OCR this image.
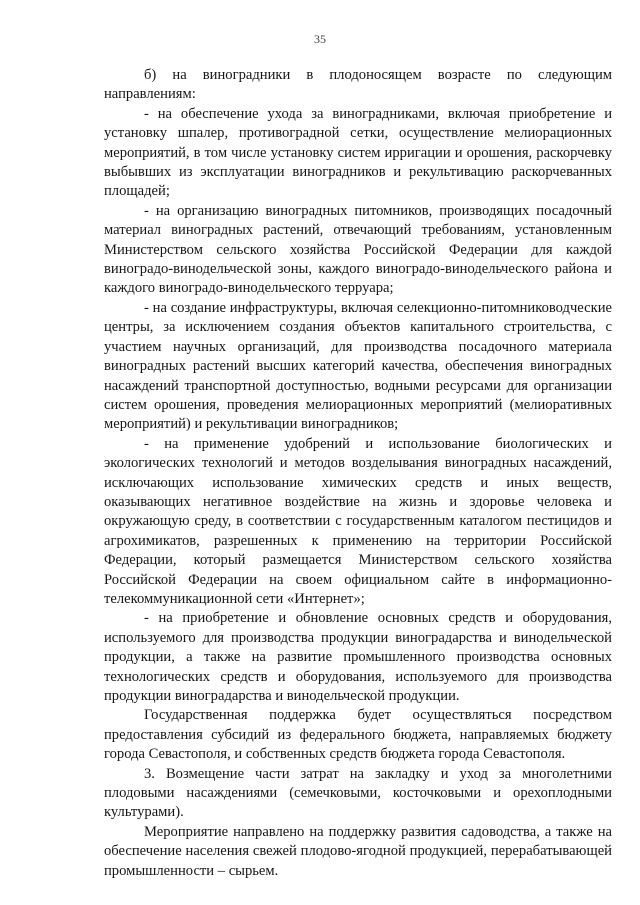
35

б) на виноградники в плодоносящем возрасте по следующим направлениям:

- на обеспечение ухода за виноградниками, включая приобретение и установку шпалер, противоградной сетки, осуществление мелиорационных мероприятий, в том числе установку систем ирригации и орошения, раскорчевку выбывших из эксплуатации виноградников и рекультивацию раскорчеванных площадей;

- на организацию виноградных питомников, производящих посадочный материал виноградных растений, отвечающий требованиям, установленным Министерством сельского хозяйства Российской Федерации для каждой виноградо-винодельческой зоны, каждого виноградо-винодельческого района и каждого виноградо-винодельческого терруара;

- на создание инфраструктуры, включая селекционно-питомниководческие центры, за исключением создания объектов капитального строительства, с участием научных организаций, для производства посадочного материала виноградных растений высших категорий качества, обеспечения виноградных насаждений транспортной доступностью, водными ресурсами для организации систем орошения, проведения мелиорационных мероприятий (мелиоративных мероприятий) и рекультивации виноградников;

- на применение удобрений и использование биологических и экологических технологий и методов возделывания виноградных насаждений, исключающих использование химических средств и иных веществ, оказывающих негативное воздействие на жизнь и здоровье человека и окружающую среду, в соответствии с государственным каталогом пестицидов и агрохимикатов, разрешенных к применению на территории Российской Федерации, который размещается Министерством сельского хозяйства Российской Федерации на своем официальном сайте в информационно-телекоммуникационной сети «Интернет»;

- на приобретение и обновление основных средств и оборудования, используемого для производства продукции виноградарства и винодельческой продукции, а также на развитие промышленного производства основных технологических средств и оборудования, используемого для производства продукции виноградарства и винодельческой продукции.

Государственная поддержка будет осуществляться посредством предоставления субсидий из федерального бюджета, направляемых бюджету города Севастополя, и собственных средств бюджета города Севастополя.

3. Возмещение части затрат на закладку и уход за многолетними плодовыми насаждениями (семечковыми, косточковыми и орехоплодными культурами).

Мероприятие направлено на поддержку развития садоводства, а также на обеспечение населения свежей плодово-ягодной продукцией, перерабатывающей промышленности – сырьем.
